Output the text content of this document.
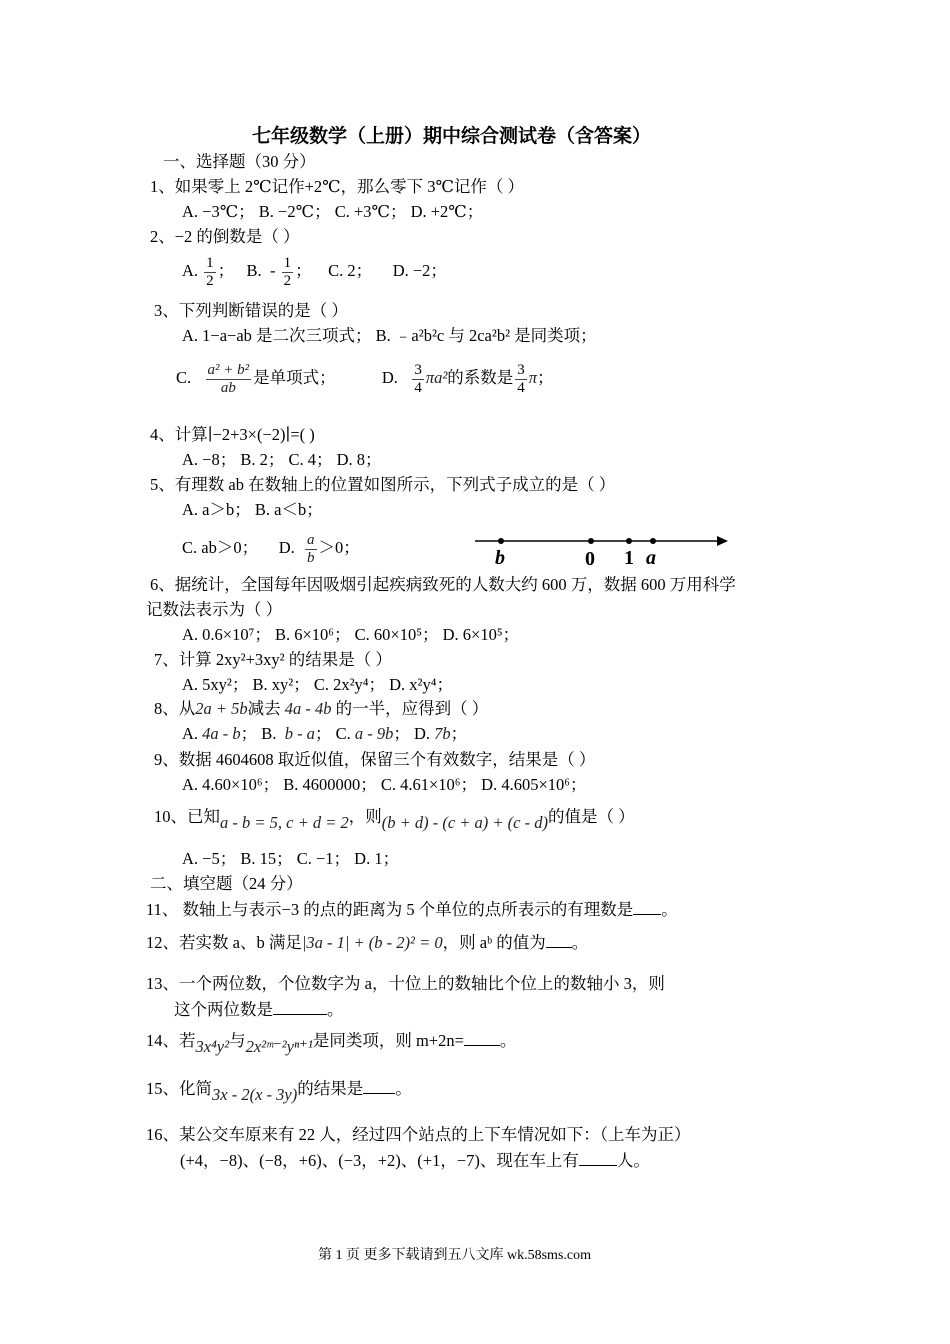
七年级数学（上册）期中综合测试卷（含答案）
一、选择题（30 分）
1、如果零上 2℃记作+2℃，那么零下 3℃记作（ ）
A. −3℃； B. −2℃； C. +3℃； D. +2℃；
2、−2 的倒数是（ ）
A. $\frac{1}{2}$ ； B. - $\frac{1}{2}$ ； C. 2； D. −2；
3、下列判断错误的是（ ）
A. 1−a−ab 是二次三项式； B. ﹣a²b²c 与 2ca²b² 是同类项；
C. $\frac{\text{a² + b²}}{ab}$ 是单项式；	D. $\frac{3}{4} \pi a^2$的系数是 $\frac{3}{4}$ π；
4、计算∣−2+3×(−2)∣=( )
A. −8； B. 2； C. 4； D. 8；
5、有理数 ab 在数轴上的位置如图所示，下列式子成立的是（ ）
A. a＞b； B. a＜b；
C. ab＞0； D. $\frac{a}{b} >0$；	b	0 1 a
6、据统计，全国每年因吸烟引起疾病致死的人数大约 600 万，数据 600 万用科学
记数法表示为（ ）
A. 0.6×10⁷； B. 6×10⁶； C. 60×10⁵； D. 6×10⁵；
7、计算 2xy²+3xy² 的结果是（ ）
A. 5xy²； B. xy²； C. 2x²y⁴； D. x²y⁴；
8、从2a + 5b减去 4a - 4b 的一半，应得到（ ）
A. 4a - b； B. b - a； C. a - 9b； D. 7b；
9、数据 4604608 取近似值，保留三个有效数字，结果是（ ）
A. 4.60×10⁶； B. 4600000； C. 4.61×10⁶； D. 4.605×10⁶；
10、已知a - b = 5, c + d = 2，则(b + d) - (c + a) + (c - d)的值是（ ）
A. −5； B. 15； C. −1； D. 1；
二、填空题（24 分）
11、 数轴上与表示−3 的点的距离为 5 个单位的点所表示的有理数是 。
12、若实数 a、b 满足|3a - 1| + (b - 2)² = 0，则 aᵇ 的值为 。
13、一个两位数，个位数字为 a，十位上的数轴比个位上的数轴小 3，则
这个两位数是	。
14、若3x⁴y²与2x²ᵐ⁻²yⁿ⁺¹是同类项，则 m+2n= 。
15、化简3x - 2(x - 3y)的结果是 。
16、某公交车原来有 22 人，经过四个站点的上下车情况如下：（上车为正）
(+4，−8)、(−8，+6)、(−3，+2)、(+1，−7)、现在车上有 人。
第 1 页 更多下载请到五八文库 wk.58sms.com
